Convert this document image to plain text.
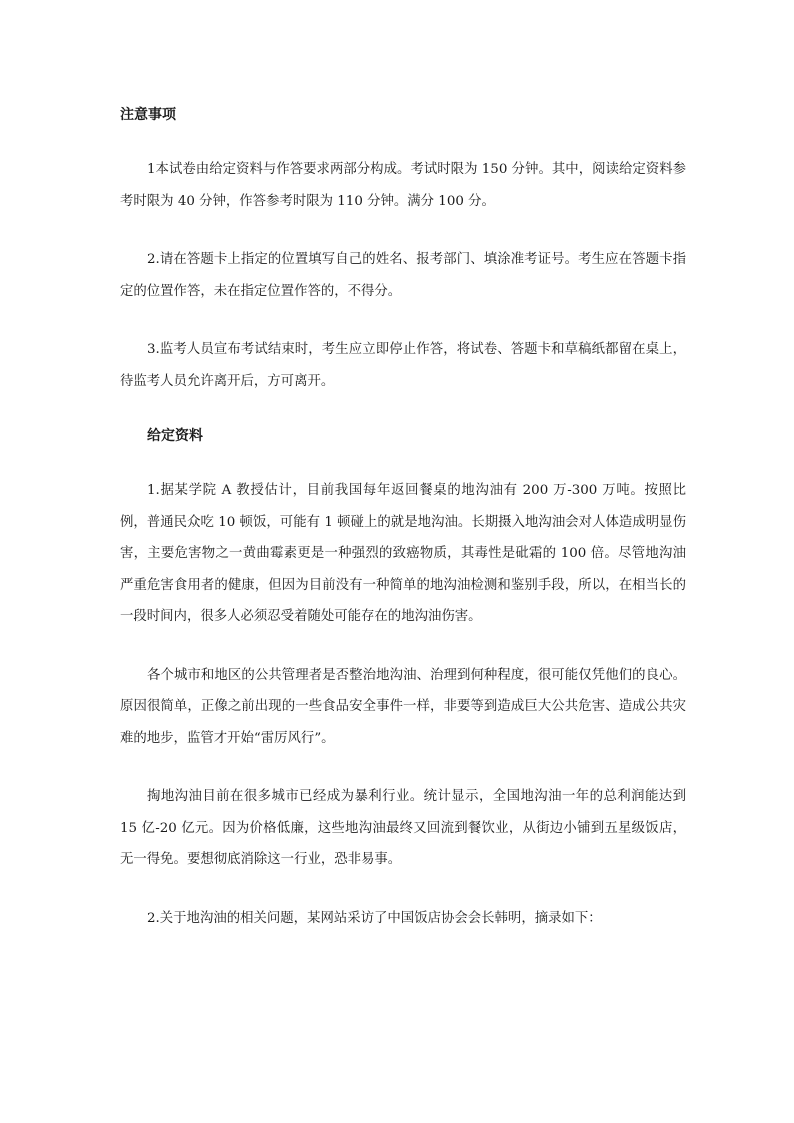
注意事项

1本试卷由给定资料与作答要求两部分构成。考试时限为 150 分钟。其中，阅读给定资料参考时限为 40 分钟，作答参考时限为 110 分钟。满分 100 分。

2.请在答题卡上指定的位置填写自己的姓名、报考部门、填涂准考证号。考生应在答题卡指定的位置作答，未在指定位置作答的，不得分。

3.监考人员宣布考试结束时，考生应立即停止作答，将试卷、答题卡和草稿纸都留在桌上，待监考人员允许离开后，方可离开。

给定资料

1.据某学院 A 教授估计，目前我国每年返回餐桌的地沟油有 200 万-300 万吨。按照比例，普通民众吃 10 顿饭，可能有 1 顿碰上的就是地沟油。长期摄入地沟油会对人体造成明显伤害，主要危害物之一黄曲霉素更是一种强烈的致癌物质，其毒性是砒霜的 100 倍。尽管地沟油严重危害食用者的健康，但因为目前没有一种简单的地沟油检测和鉴别手段，所以，在相当长的一段时间内，很多人必须忍受着随处可能存在的地沟油伤害。

各个城市和地区的公共管理者是否整治地沟油、治理到何种程度，很可能仅凭他们的良心。原因很简单，正像之前出现的一些食品安全事件一样，非要等到造成巨大公共危害、造成公共灾难的地步，监管才开始“雷厉风行”。

掏地沟油目前在很多城市已经成为暴利行业。统计显示，全国地沟油一年的总利润能达到 15 亿-20 亿元。因为价格低廉，这些地沟油最终又回流到餐饮业，从街边小铺到五星级饭店，无一得免。要想彻底消除这一行业，恐非易事。

2.关于地沟油的相关问题，某网站采访了中国饭店协会会长韩明，摘录如下：
